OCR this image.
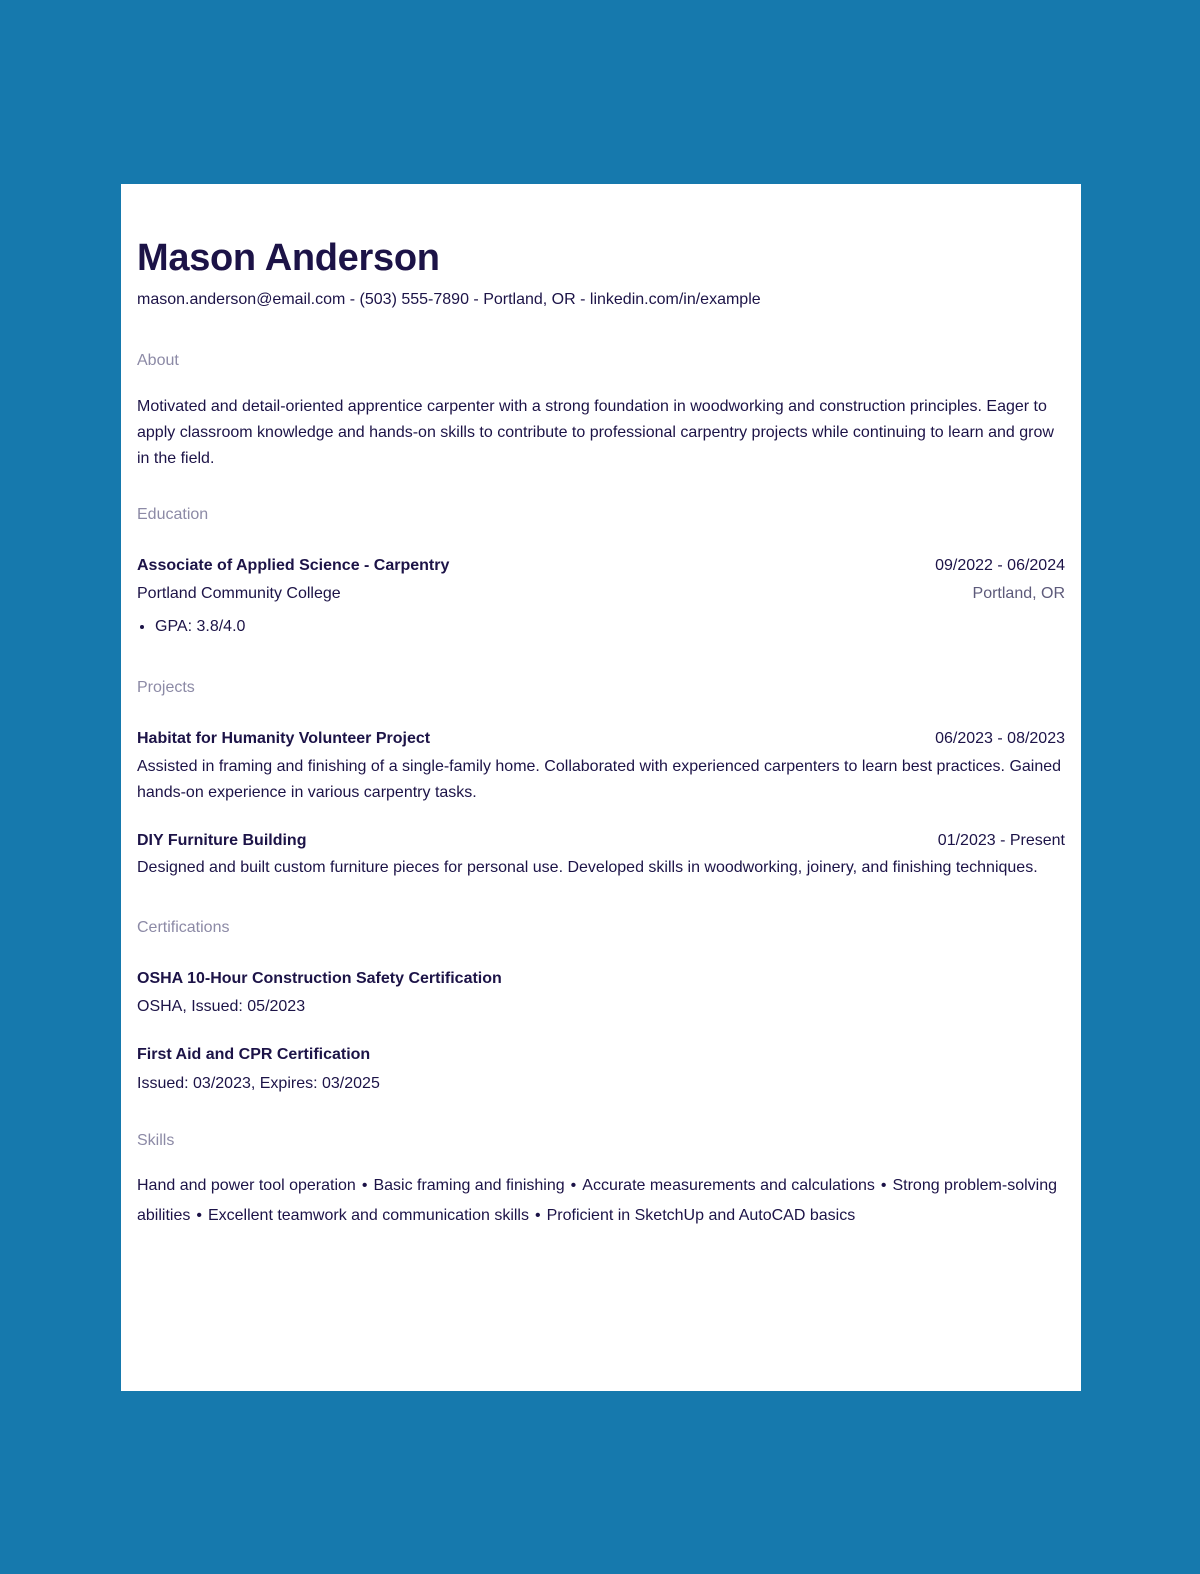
Mason Anderson
mason.anderson@email.com - (503) 555-7890 - Portland, OR - linkedin.com/in/example
About

Motivated and detail-oriented apprentice carpenter with a strong foundation in woodworking and construction principles. Eager to apply classroom knowledge and hands-on skills to contribute to professional carpentry projects while continuing to learn and grow in the field.

Education
Associate of Applied Science - Carpentry	09/2022 - 06/2024
Portland Community College	Portland, OR
• GPA: 3.8/4.0
Projects
Habitat for Humanity Volunteer Project	06/2023 - 08/2023

Assisted in framing and finishing of a single-family home. Collaborated with experienced carpenters to learn best practices. Gained hands-on experience in various carpentry tasks.

DIY Furniture Building	01/2023 - Present

Designed and built custom furniture pieces for personal use. Developed skills in woodworking, joinery, and finishing techniques.

Certifications
OSHA 10-Hour Construction Safety Certification
OSHA, Issued: 05/2023
First Aid and CPR Certification
Issued: 03/2023, Expires: 03/2025
Skills

Hand and power tool operation • Basic framing and finishing • Accurate measurements and calculations • Strong problem-solving abilities • Excellent teamwork and communication skills • Proficient in SketchUp and AutoCAD basics
